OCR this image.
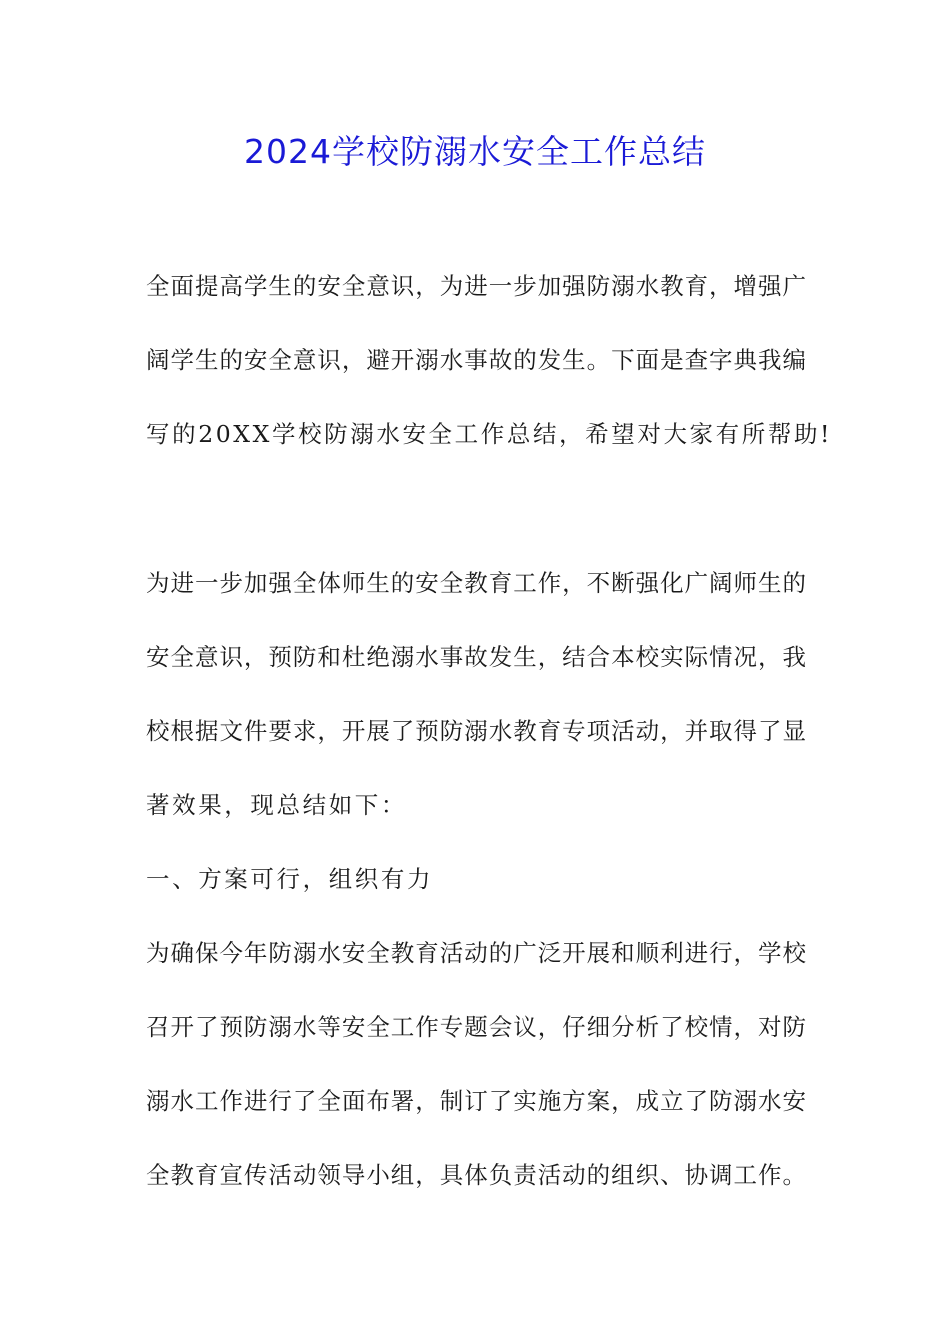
2024学校防溺水安全工作总结
全面提高学生的安全意识，为进一步加强防溺水教育，增强广
阔学生的安全意识，避开溺水事故的发生。下面是查字典我编
写的20XX学校防溺水安全工作总结，希望对大家有所帮助!
为进一步加强全体师生的安全教育工作，不断强化广阔师生的
安全意识，预防和杜绝溺水事故发生，结合本校实际情况，我
校根据文件要求，开展了预防溺水教育专项活动，并取得了显
著效果，现总结如下：
一、方案可行，组织有力
为确保今年防溺水安全教育活动的广泛开展和顺利进行，学校
召开了预防溺水等安全工作专题会议，仔细分析了校情，对防
溺水工作进行了全面布署，制订了实施方案，成立了防溺水安
全教育宣传活动领导小组，具体负责活动的组织、协调工作。
